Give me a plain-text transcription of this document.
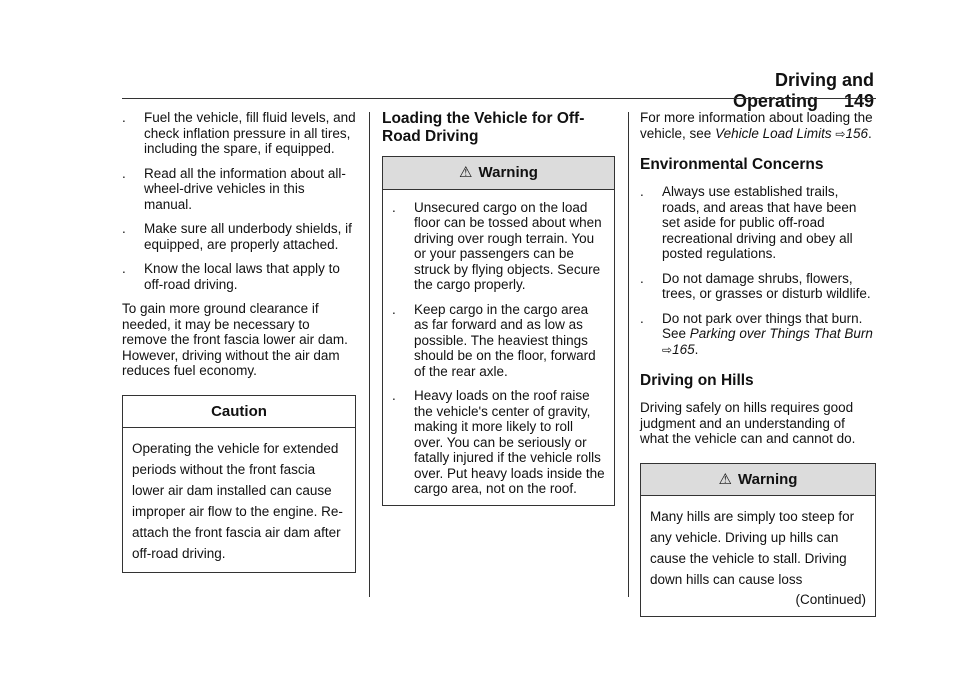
Driving and Operating 149
. Fuel the vehicle, fill fluid levels, and check inflation pressure in all tires, including the spare, if equipped.
. Read all the information about all-wheel-drive vehicles in this manual.
. Make sure all underbody shields, if equipped, are properly attached.
. Know the local laws that apply to off-road driving.

To gain more ground clearance if needed, it may be necessary to remove the front fascia lower air dam. However, driving without the air dam reduces fuel economy.

Caution

Operating the vehicle for extended periods without the front fascia lower air dam installed can cause improper air flow to the engine. Re-attach the front fascia air dam after off-road driving.

Loading the Vehicle for Off-Road Driving
⚠ Warning
. Unsecured cargo on the load floor can be tossed about when driving over rough terrain. You or your passengers can be struck by flying objects. Secure the cargo properly.
. Keep cargo in the cargo area as far forward and as low as possible. The heaviest things should be on the floor, forward of the rear axle.
. Heavy loads on the roof raise the vehicle's center of gravity, making it more likely to roll over. You can be seriously or fatally injured if the vehicle rolls over. Put heavy loads inside the cargo area, not on the roof.

For more information about loading the vehicle, see Vehicle Load Limits ⇨156.

Environmental Concerns
. Always use established trails, roads, and areas that have been set aside for public off-road recreational driving and obey all posted regulations.
. Do not damage shrubs, flowers, trees, or grasses or disturb wildlife.
. Do not park over things that burn. See Parking over Things That Burn ⇨165.
Driving on Hills

Driving safely on hills requires good judgment and an understanding of what the vehicle can and cannot do.

⚠ Warning

Many hills are simply too steep for any vehicle. Driving up hills can cause the vehicle to stall. Driving down hills can cause loss

(Continued)
